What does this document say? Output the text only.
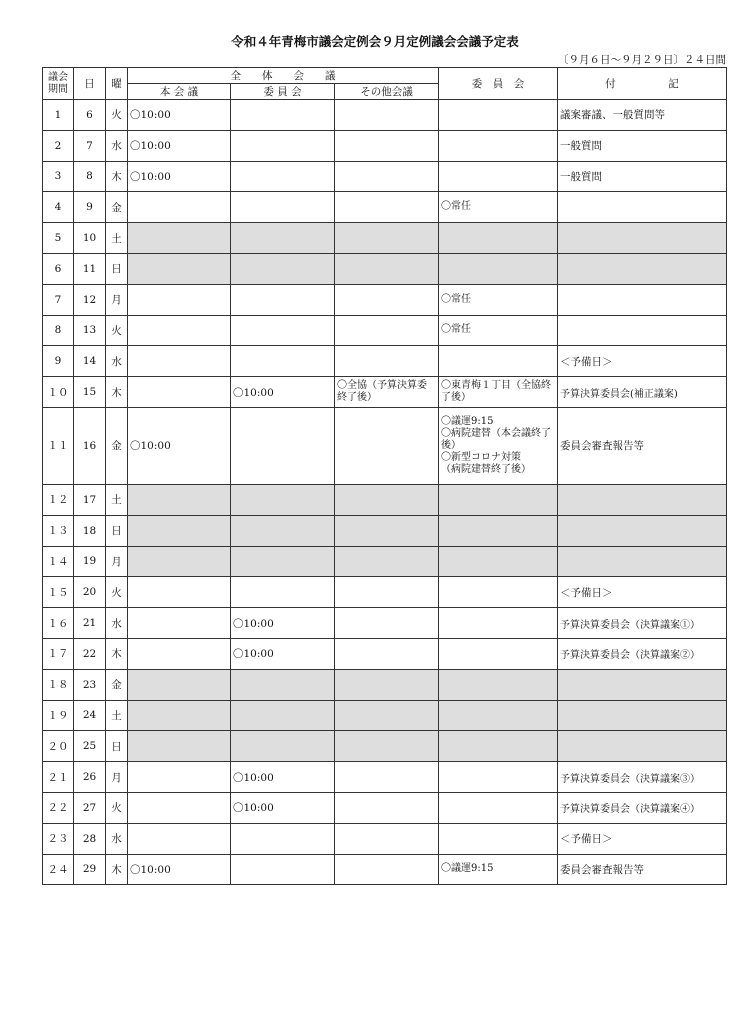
令和４年青梅市議会定例会９月定例議会会議予定表
〔９月６日〜９月２９日〕２４日間
議会期間	日	曜	全　　体　　会　　議			委　員　会	付　　　　　記
			本 会 議	委 員 会	その他会議		
1	6	火	〇10:00				議案審議、一般質問等
2	7	水	〇10:00				一般質問
3	8	木	〇10:00				一般質問
4	9	金				〇常任	
5	10	土					
6	11	日					
7	12	月				〇常任	
8	13	火				〇常任	
9	14	水					＜予備日＞
１０	15	木		〇10:00	〇全協（予算決算委終了後）	〇東青梅１丁目（全協終了後）	予算決算委員会(補正議案)
１１	16	金	〇10:00			〇議運9:15
〇病院建替（本会議終了後）
〇新型コロナ対策
（病院建替終了後）	委員会審査報告等
１２	17	土					
１３	18	日					
１４	19	月					
１５	20	火					＜予備日＞
１６	21	水		〇10:00			予算決算委員会（決算議案①）
１７	22	木		〇10:00			予算決算委員会（決算議案②）
１８	23	金					
１９	24	土					
２０	25	日					
２１	26	月		〇10:00			予算決算委員会（決算議案③）
２２	27	火		〇10:00			予算決算委員会（決算議案④）
２３	28	水					＜予備日＞
２４	29	木	〇10:00			〇議運9:15	委員会審査報告等
